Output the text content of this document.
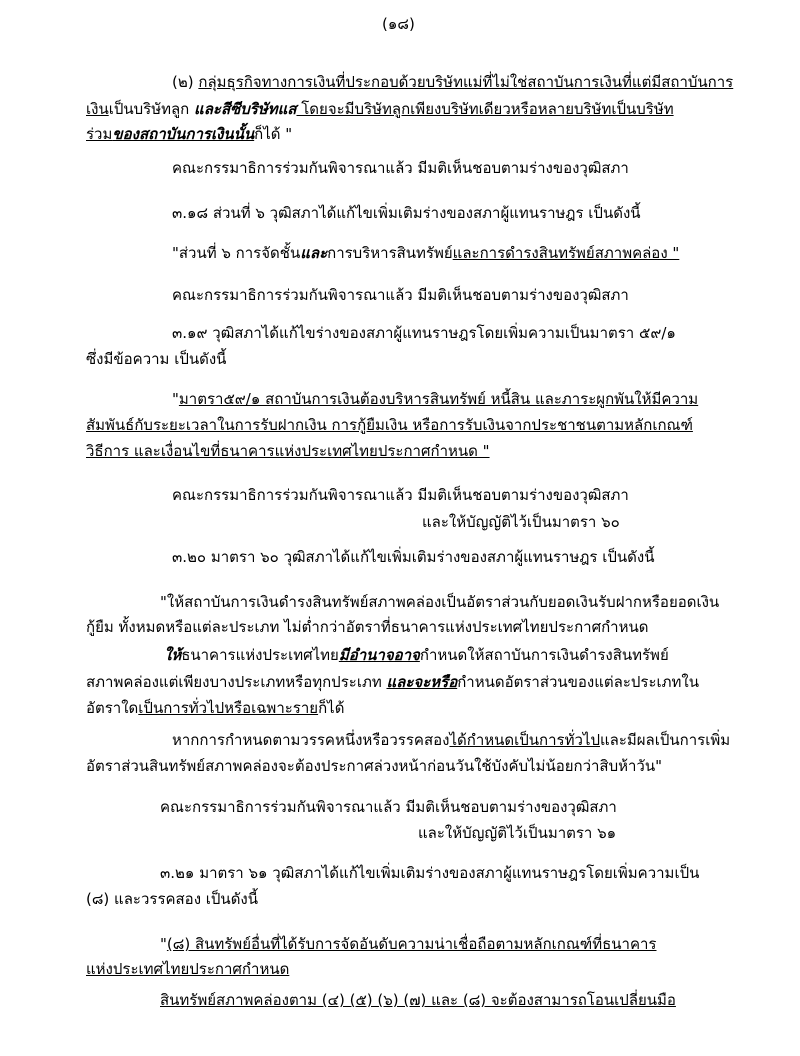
(๑๘)
(๒) กลุ่มธุรกิจทางการเงินที่ประกอบด้วยบริษัทแม่ที่ไม่ใช่สถาบันการเงินที่แต่มีสถาบันการ
เงินเป็นบริษัทลูก และสีซีบริษัทแส โดยจะมีบริษัทลูกเพียงบริษัทเดียวหรือหลายบริษัทเป็นบริษัท
ร่วมของสถาบันการเงินนั้นก็ได้ "
คณะกรรมาธิการร่วมกันพิจารณาแล้ว มีมติเห็นชอบตามร่างของวุฒิสภา
๓.๑๘ ส่วนที่ ๖ วุฒิสภาได้แก้ไขเพิ่มเติมร่างของสภาผู้แทนราษฎร เป็นดังนี้
"ส่วนที่ ๖ การจัดชั้นและการบริหารสินทรัพย์และการดำรงสินทรัพย์สภาพคล่อง "
คณะกรรมาธิการร่วมกันพิจารณาแล้ว มีมติเห็นชอบตามร่างของวุฒิสภา
๓.๑๙ วุฒิสภาได้แก้ไขร่างของสภาผู้แทนราษฎรโดยเพิ่มความเป็นมาตรา ๕๙/๑
ซึ่งมีข้อความ เป็นดังนี้
"มาตรา๕๙/๑ สถาบันการเงินต้องบริหารสินทรัพย์ หนี้สิน และภาระผูกพันให้มีความ
สัมพันธ์กับระยะเวลาในการรับฝากเงิน การกู้ยืมเงิน หรือการรับเงินจากประชาชนตามหลักเกณฑ์
วิธีการ และเงื่อนไขที่ธนาคารแห่งประเทศไทยประกาศกำหนด "
คณะกรรมาธิการร่วมกันพิจารณาแล้ว มีมติเห็นชอบตามร่างของวุฒิสภา
และให้บัญญัติไว้เป็นมาตรา ๖๐
๓.๒๐ มาตรา ๖๐ วุฒิสภาได้แก้ไขเพิ่มเติมร่างของสภาผู้แทนราษฎร เป็นดังนี้
"ให้สถาบันการเงินดำรงสินทรัพย์สภาพคล่องเป็นอัตราส่วนกับยอดเงินรับฝากหรือยอดเงิน
กู้ยืม ทั้งหมดหรือแต่ละประเภท ไม่ต่ำกว่าอัตราที่ธนาคารแห่งประเทศไทยประกาศกำหนด
ให้ธนาคารแห่งประเทศไทยมีอำนาจอาจกำหนดให้สถาบันการเงินดำรงสินทรัพย์
สภาพคล่องแต่เพียงบางประเภทหรือทุกประเภท และจะหรือกำหนดอัตราส่วนของแต่ละประเภทใน
อัตราใดเป็นการทั่วไปหรือเฉพาะรายก็ได้
หากการกำหนดตามวรรคหนึ่งหรือวรรคสองได้กำหนดเป็นการทั่วไปและมีผลเป็นการเพิ่ม
อัตราส่วนสินทรัพย์สภาพคล่องจะต้องประกาศล่วงหน้าก่อนวันใช้บังคับไม่น้อยกว่าสิบห้าวัน"
คณะกรรมาธิการร่วมกันพิจารณาแล้ว มีมติเห็นชอบตามร่างของวุฒิสภา
และให้บัญญัติไว้เป็นมาตรา ๖๑
๓.๒๑ มาตรา ๖๑ วุฒิสภาได้แก้ไขเพิ่มเติมร่างของสภาผู้แทนราษฎรโดยเพิ่มความเป็น
(๘) และวรรคสอง เป็นดังนี้
"(๘) สินทรัพย์อื่นที่ได้รับการจัดอันดับความน่าเชื่อถือตามหลักเกณฑ์ที่ธนาคาร
แห่งประเทศไทยประกาศกำหนด
สินทรัพย์สภาพคล่องตาม (๔) (๕) (๖) (๗) และ (๘) จะต้องสามารถโอนเปลี่ยนมือ
